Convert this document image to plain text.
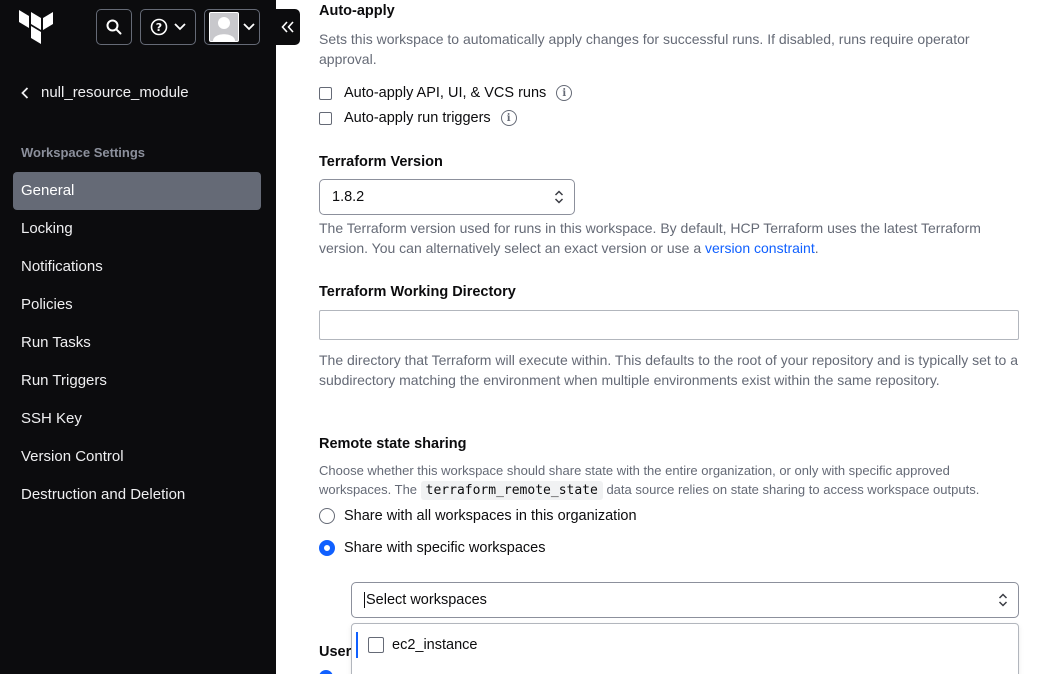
?
null_resource_module
Workspace Settings
General
Locking
Notifications
Policies
Run Tasks
Run Triggers
SSH Key
Version Control
Destruction and Deletion
Auto-apply
Sets this workspace to automatically apply changes for successful runs. If disabled, runs require operator approval.
Auto-apply API, UI, & VCS runs	i
Auto-apply run triggers	i
Terraform Version
1.8.2
The Terraform version used for runs in this workspace. By default, HCP Terraform uses the latest Terraform version. You can alternatively select an exact version or use a version constraint.
Terraform Working Directory
The directory that Terraform will execute within. This defaults to the root of your repository and is typically set to a subdirectory matching the environment when multiple environments exist within the same repository.
Remote state sharing
Choose whether this workspace should share state with the entire organization, or only with specific approved workspaces. The terraform_remote_state data source relies on state sharing to access workspace outputs.
Share with all workspaces in this organization
Share with specific workspaces
Select workspaces
User	ec2_instance
